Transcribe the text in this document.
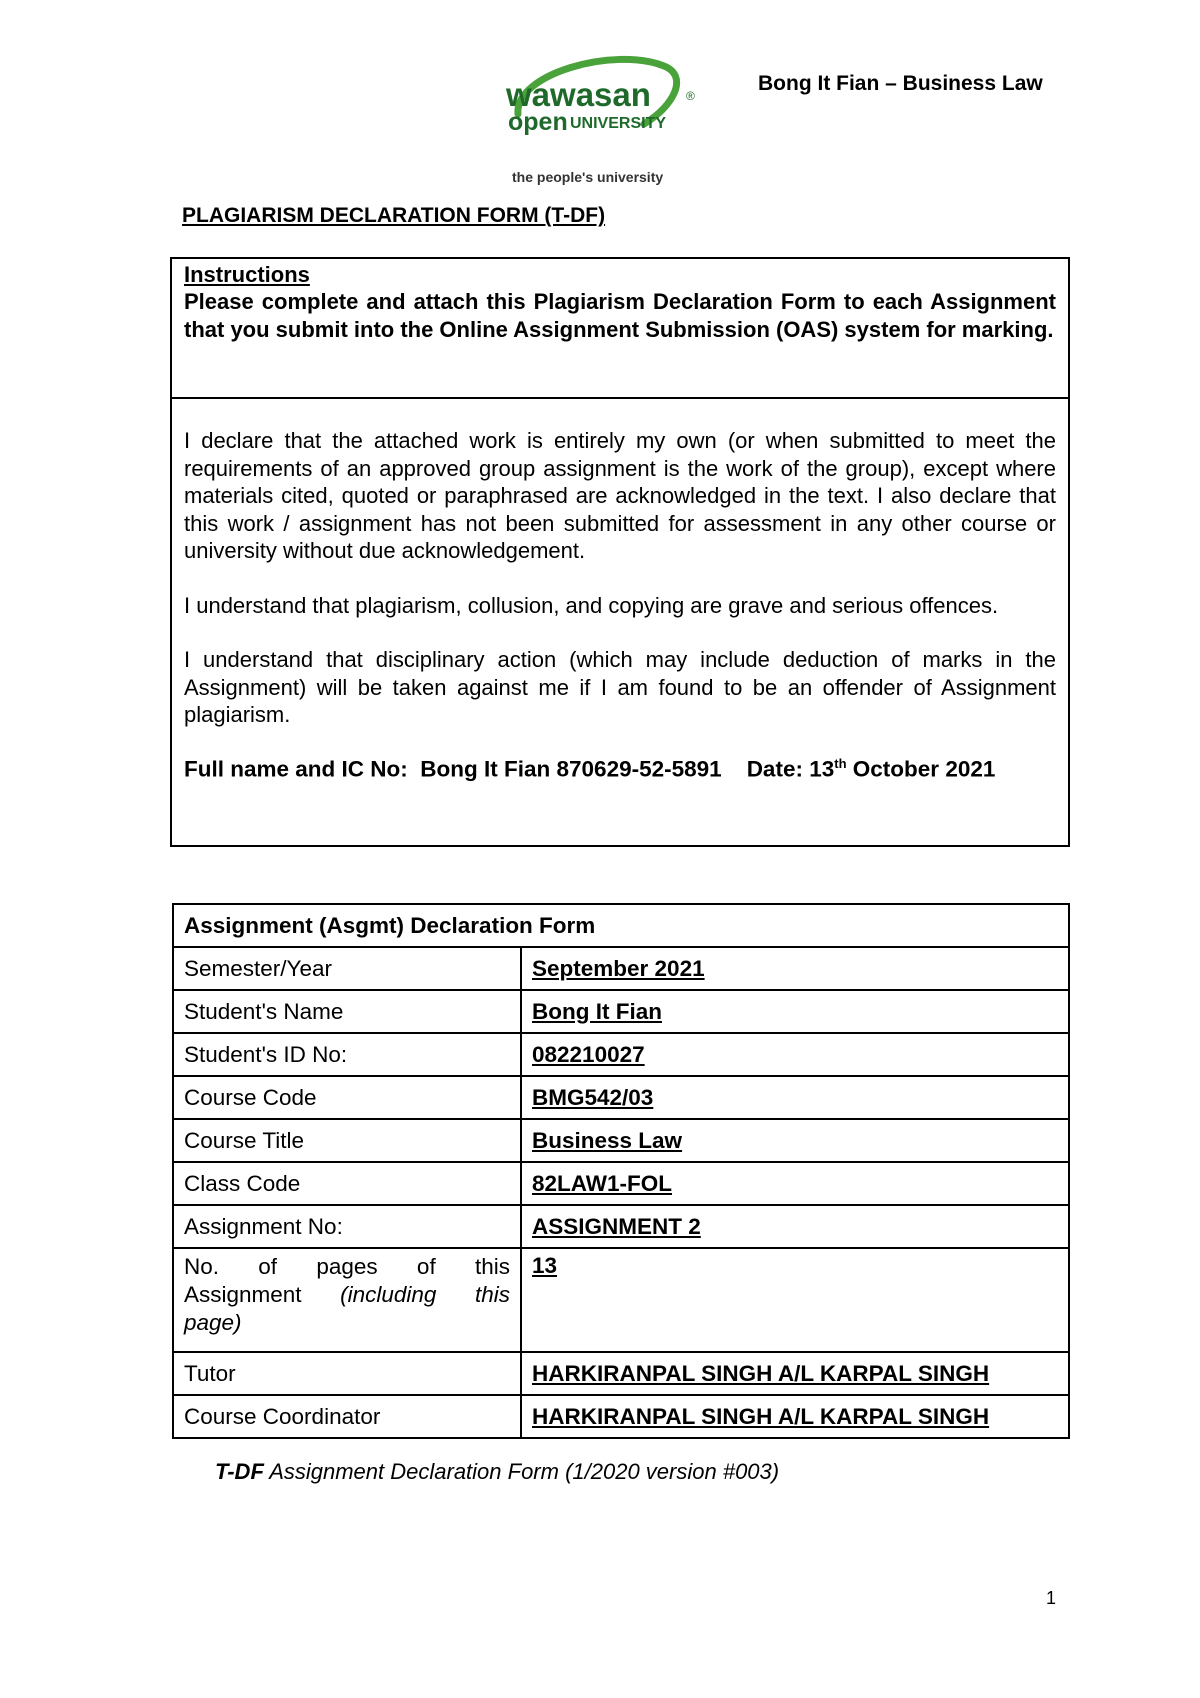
wawasan	®
open UNIVERSITY
the people's university
Bong It Fian – Business Law
PLAGIARISM DECLARATION FORM (T-DF)
Instructions
Please complete and attach this Plagiarism Declaration Form to each Assignment that you submit into the Online Assignment Submission (OAS) system for marking.

I declare that the attached work is entirely my own (or when submitted to meet the requirements of an approved group assignment is the work of the group), except where materials cited, quoted or paraphrased are acknowledged in the text. I also declare that this work / assignment has not been submitted for assessment in any other course or university without due acknowledgement.

I understand that plagiarism, collusion, and copying are grave and serious offences.

I understand that disciplinary action (which may include deduction of marks in the Assignment) will be taken against me if I am found to be an offender of Assignment plagiarism.

Full name and IC No: Bong It Fian 870629-52-5891 Date: 13th October 2021
Assignment (Asgmt) Declaration Form	
Semester/Year	September 2021
Student's Name	Bong It Fian
Student's ID No:	082210027
Course Code	BMG542/03
Course Title	Business Law
Class Code	82LAW1-FOL
Assignment No:	ASSIGNMENT 2

No. of pages of this
Assignment (including this
page)	13
Tutor	HARKIRANPAL SINGH A/L KARPAL SINGH
Course Coordinator	HARKIRANPAL SINGH A/L KARPAL SINGH
T-DF Assignment Declaration Form (1/2020 version #003)
1
